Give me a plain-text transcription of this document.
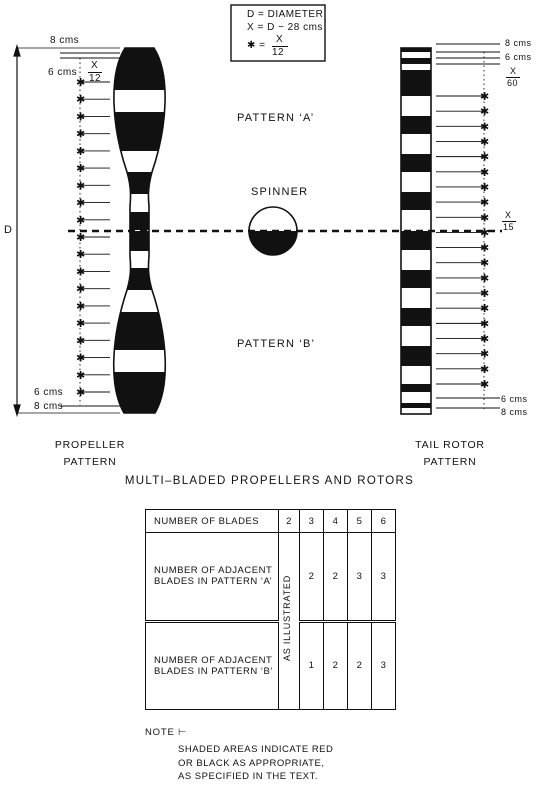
✱
✱
✱
✱
✱
✱
✱
✱
✱
✱
✱
✱
✱
✱
✱
✱
✱
✱
✱
✱
✱
✱
✱
✱
✱
✱
✱
✱
✱
✱
✱
✱
✱
✱
✱
✱
✱
✱
✱
D = DIAMETER
X = D − 28 cms
✱ =
X
12
D
8 cms
6 cms
X
12
6 cms
8 cms
PROPELLER
PATTERN
PATTERN ‘A’
SPINNER
PATTERN ‘B’
8 cms
6 cms
X
60
X
15
6 cms
8 cms
TAIL ROTOR
PATTERN
MULTI–BLADED PROPELLERS AND ROTORS
NUMBER OF BLADES	2	3	4	5	6

NUMBER OF ADJACENT
BLADES IN PATTERN ‘A’	AS ILLUSTRATED	2	2	3	3

NUMBER OF ADJACENT
BLADES IN PATTERN ‘B’		1	2	2	3
NOTE ⊢
SHADED AREAS INDICATE RED
OR BLACK AS APPROPRIATE,
AS SPECIFIED IN THE TEXT.
